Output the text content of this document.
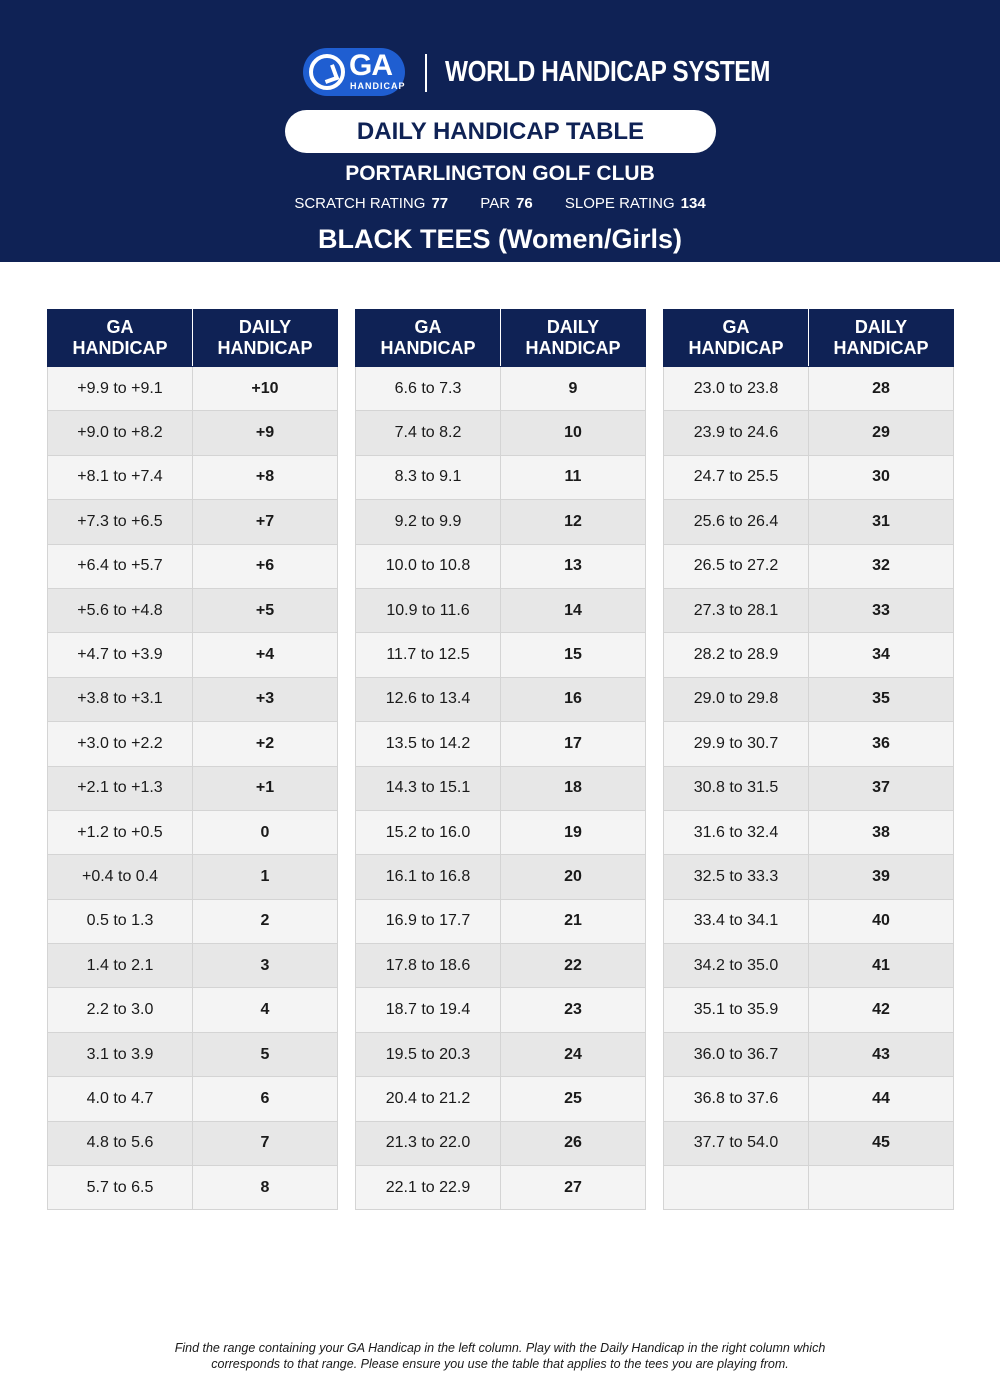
GA
HANDICAP WORLD HANDICAP SYSTEM
DAILY HANDICAP TABLE
PORTARLINGTON GOLF CLUB
SCRATCH RATING 77 PAR 76 SLOPE RATING 134
BLACK TEES (Women/Girls)
GA
HANDICAP	DAILY
HANDICAP
+9.9 to +9.1	+10
+9.0 to +8.2	+9
+8.1 to +7.4	+8
+7.3 to +6.5	+7
+6.4 to +5.7	+6
+5.6 to +4.8	+5
+4.7 to +3.9	+4
+3.8 to +3.1	+3
+3.0 to +2.2	+2
+2.1 to +1.3	+1
+1.2 to +0.5	0
+0.4 to 0.4	1
0.5 to 1.3	2
1.4 to 2.1	3
2.2 to 3.0	4
3.1 to 3.9	5
4.0 to 4.7	6
4.8 to 5.6	7
5.7 to 6.5	8
GA
HANDICAP	DAILY
HANDICAP
6.6 to 7.3	9
7.4 to 8.2	10
8.3 to 9.1	11
9.2 to 9.9	12
10.0 to 10.8	13
10.9 to 11.6	14
11.7 to 12.5	15
12.6 to 13.4	16
13.5 to 14.2	17
14.3 to 15.1	18
15.2 to 16.0	19
16.1 to 16.8	20
16.9 to 17.7	21
17.8 to 18.6	22
18.7 to 19.4	23
19.5 to 20.3	24
20.4 to 21.2	25
21.3 to 22.0	26
22.1 to 22.9	27
GA
HANDICAP	DAILY
HANDICAP
23.0 to 23.8	28
23.9 to 24.6	29
24.7 to 25.5	30
25.6 to 26.4	31
26.5 to 27.2	32
27.3 to 28.1	33
28.2 to 28.9	34
29.0 to 29.8	35
29.9 to 30.7	36
30.8 to 31.5	37
31.6 to 32.4	38
32.5 to 33.3	39
33.4 to 34.1	40
34.2 to 35.0	41
35.1 to 35.9	42
36.0 to 36.7	43
36.8 to 37.6	44
37.7 to 54.0	45

Find the range containing your GA Handicap in the left column. Play with the Daily Handicap in the right column which
corresponds to that range. Please ensure you use the table that applies to the tees you are playing from.
